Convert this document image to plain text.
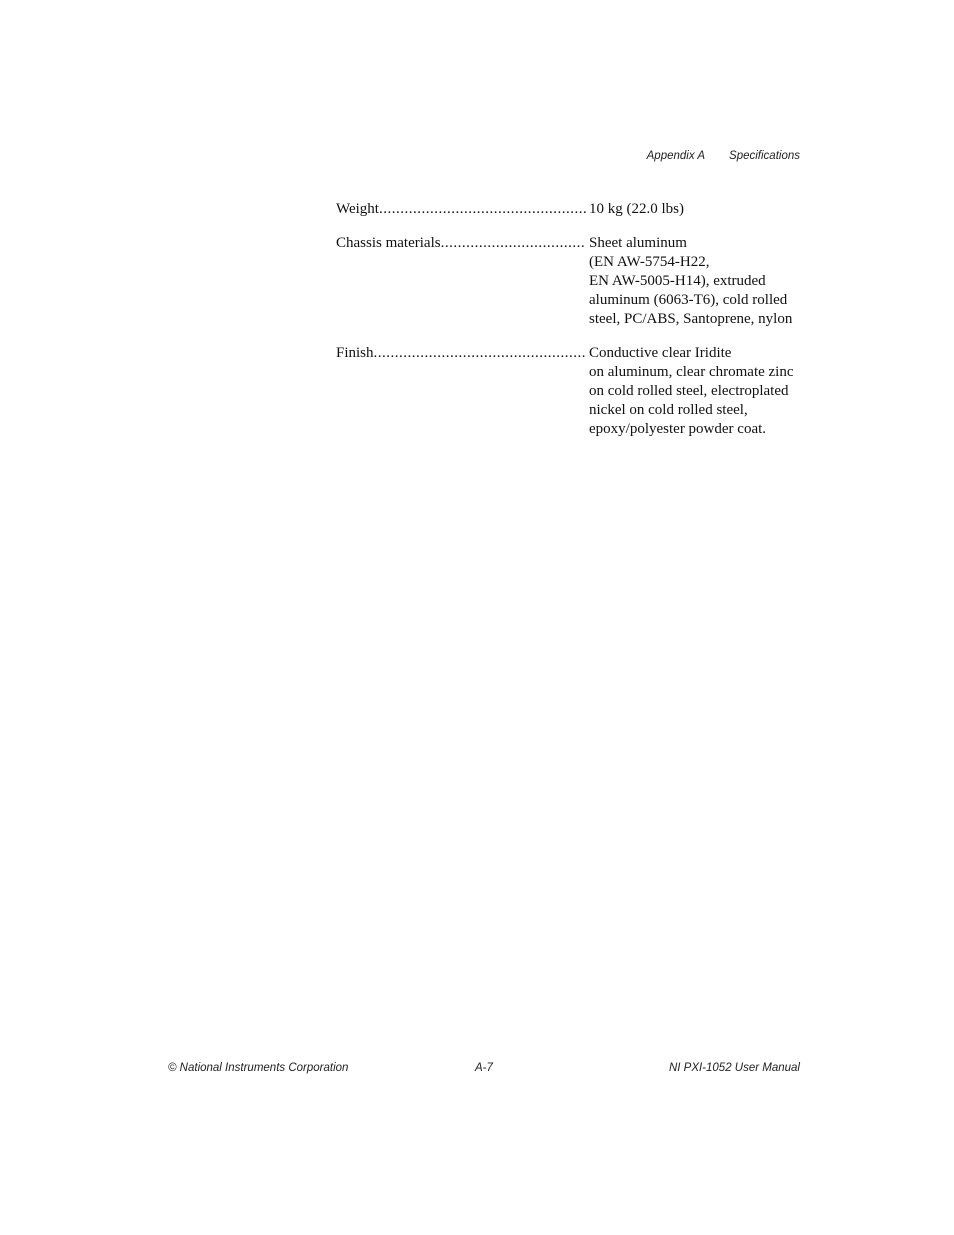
Appendix A Specifications
Weight .....	10 kg (22.0 lbs)
Chassis materials .....	Sheet aluminum
(EN AW-5754-H22,
EN AW-5005-H14), extruded
aluminum (6063-T6), cold rolled
steel, PC/ABS, Santoprene, nylon
Finish .....	Conductive clear Iridite
on aluminum, clear chromate zinc
on cold rolled steel, electroplated
nickel on cold rolled steel,
epoxy/polyester powder coat.
© National Instruments Corporation	A-7	NI PXI-1052 User Manual
